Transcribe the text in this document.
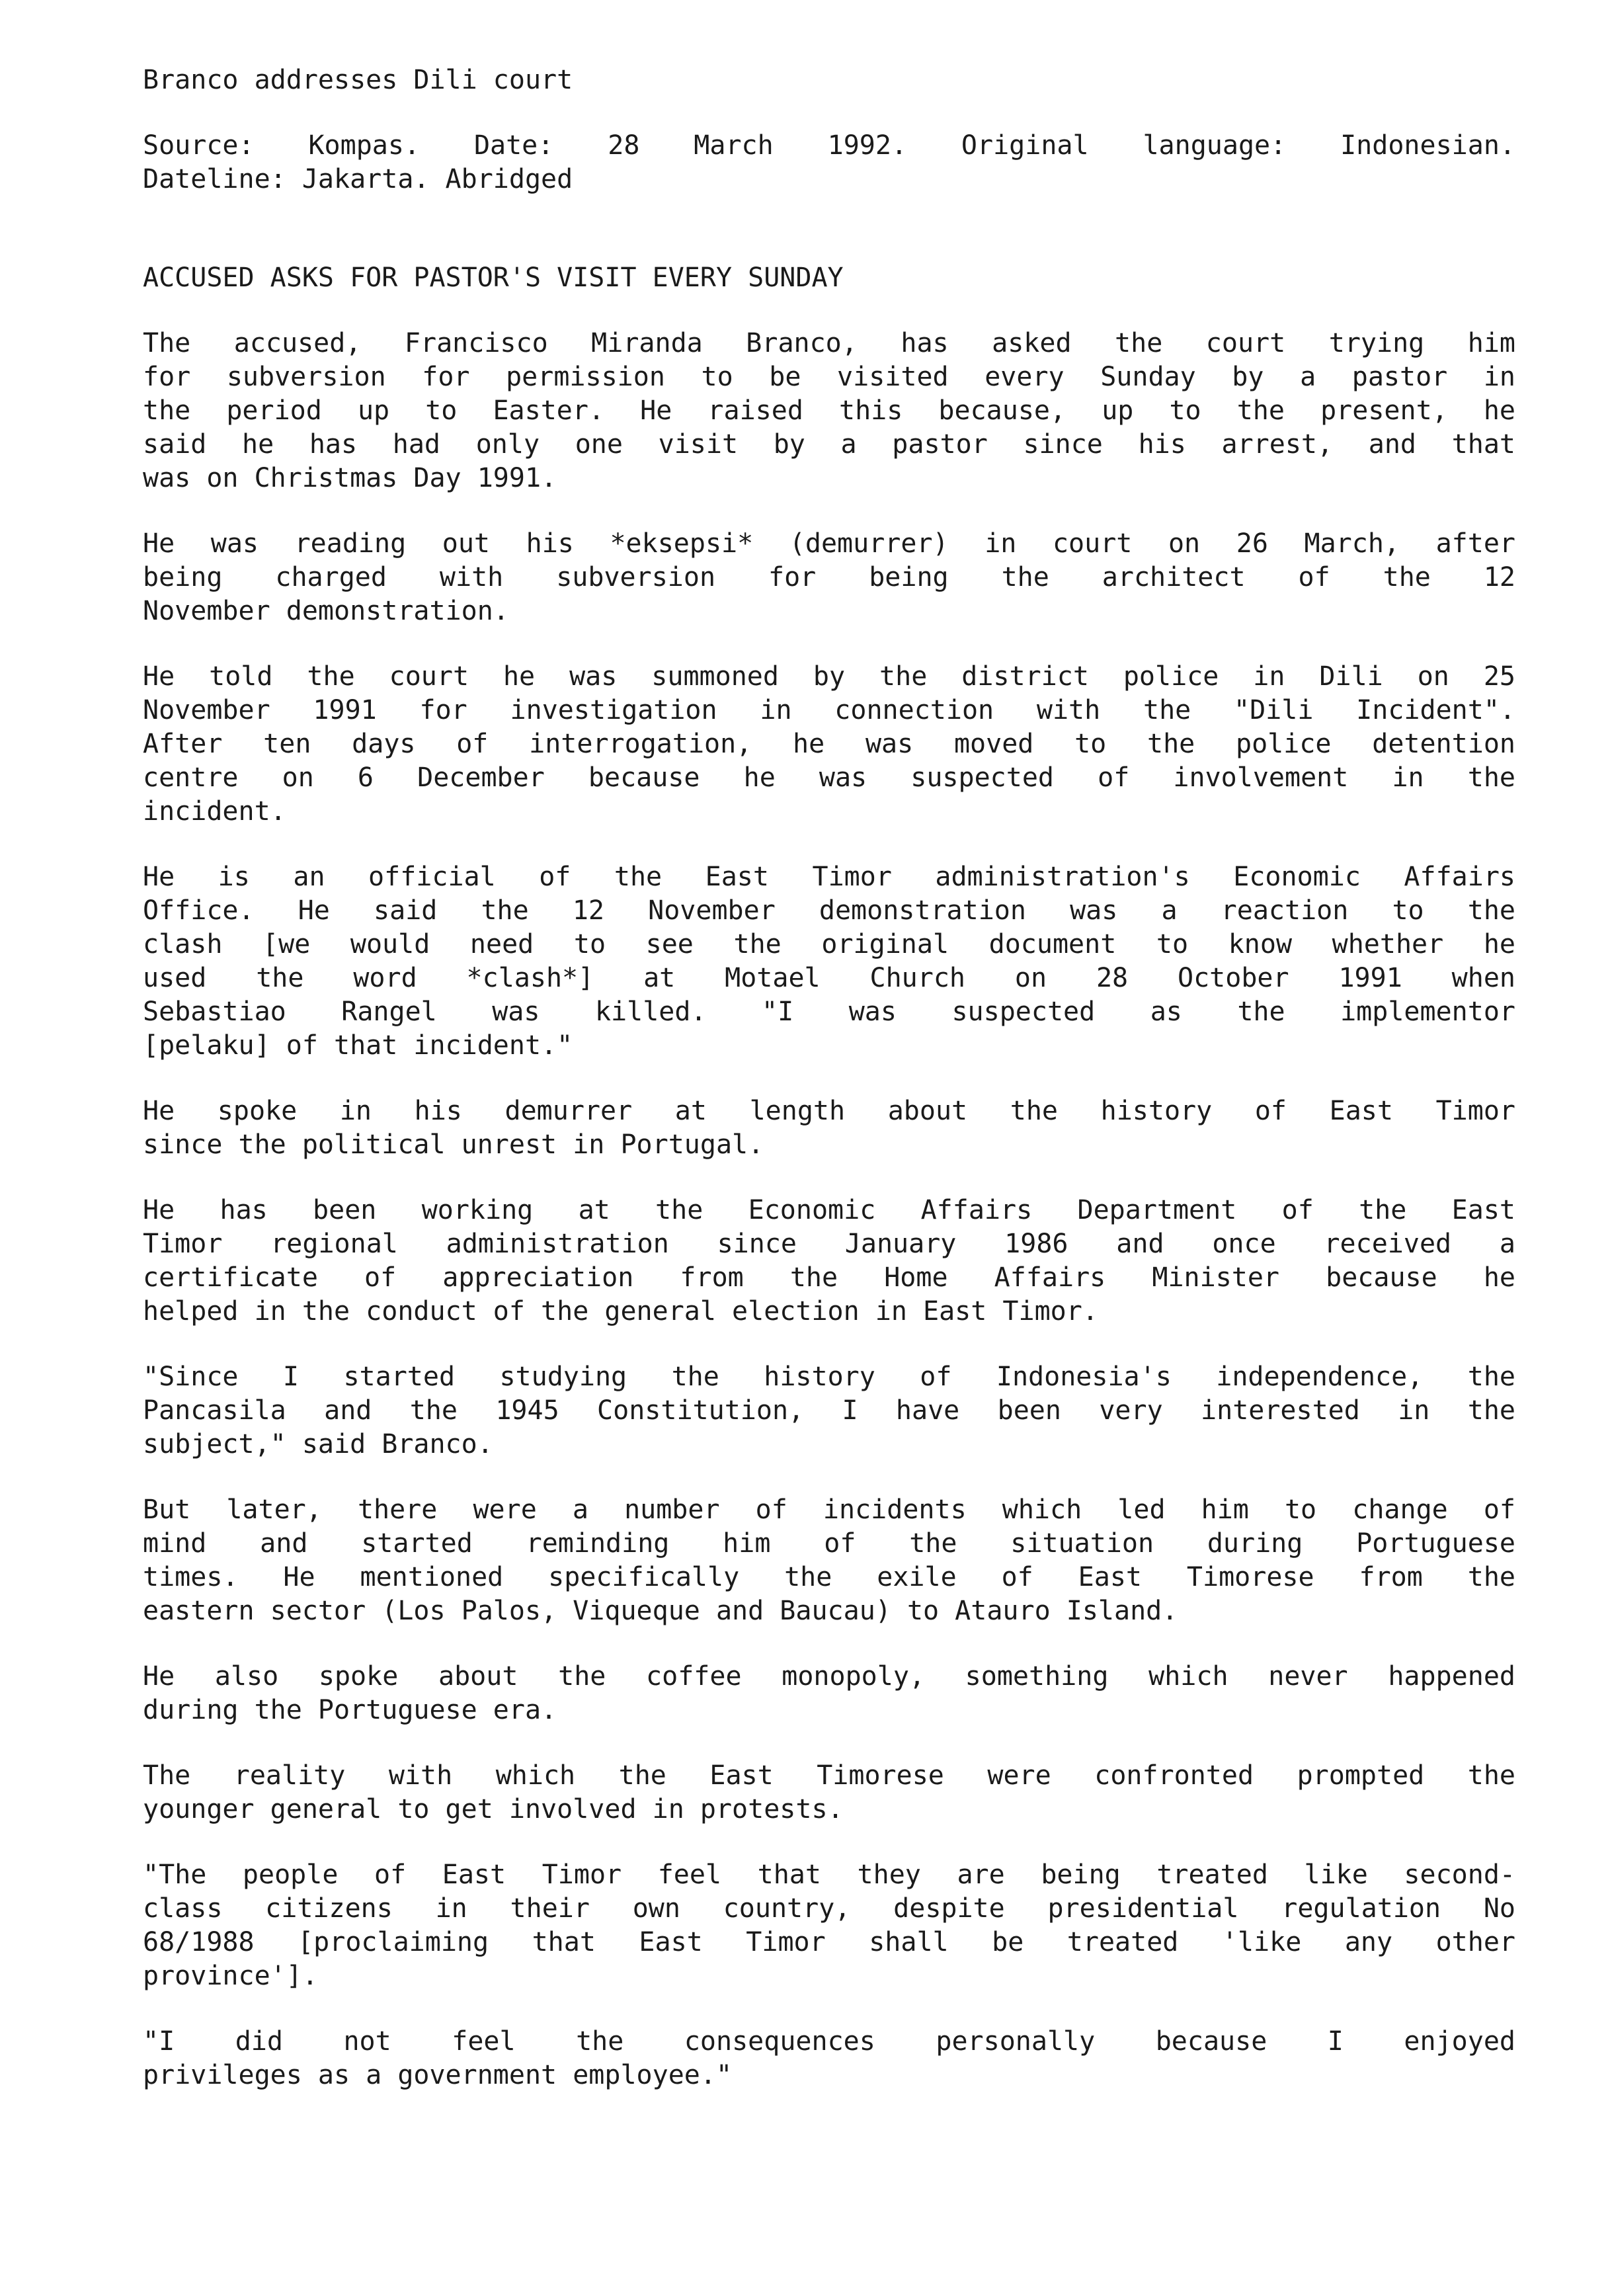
Branco addresses Dili court
Source: Kompas. Date: 28 March 1992. Original language: Indonesian.
Dateline: Jakarta. Abridged
ACCUSED ASKS FOR PASTOR'S VISIT EVERY SUNDAY
The accused, Francisco Miranda Branco, has asked the court trying him
for subversion for permission to be visited every Sunday by a pastor in
the period up to Easter. He raised this because, up to the present, he
said he has had only one visit by a pastor since his arrest, and that
was on Christmas Day 1991.
He was reading out his *eksepsi* (demurrer) in court on 26 March, after
being charged with subversion for being the architect of the 12
November demonstration.
He told the court he was summoned by the district police in Dili on 25
November 1991 for investigation in connection with the "Dili Incident".
After ten days of interrogation, he was moved to the police detention
centre on 6 December because he was suspected of involvement in the
incident.
He is an official of the East Timor administration's Economic Affairs
Office. He said the 12 November demonstration was a reaction to the
clash [we would need to see the original document to know whether he
used the word *clash*] at Motael Church on 28 October 1991 when
Sebastiao Rangel was killed. "I was suspected as the implementor
[pelaku] of that incident."
He spoke in his demurrer at length about the history of East Timor
since the political unrest in Portugal.
He has been working at the Economic Affairs Department of the East
Timor regional administration since January 1986 and once received a
certificate of appreciation from the Home Affairs Minister because he
helped in the conduct of the general election in East Timor.
"Since I started studying the history of Indonesia's independence, the
Pancasila and the 1945 Constitution, I have been very interested in the
subject," said Branco.
But later, there were a number of incidents which led him to change of
mind and started reminding him of the situation during Portuguese
times. He mentioned specifically the exile of East Timorese from the
eastern sector (Los Palos, Viqueque and Baucau) to Atauro Island.
He also spoke about the coffee monopoly, something which never happened
during the Portuguese era.
The reality with which the East Timorese were confronted prompted the
younger general to get involved in protests.
"The people of East Timor feel that they are being treated like second-
class citizens in their own country, despite presidential regulation No
68/1988 [proclaiming that East Timor shall be treated 'like any other
province'].
"I did not feel the consequences personally because I enjoyed
privileges as a government employee."
